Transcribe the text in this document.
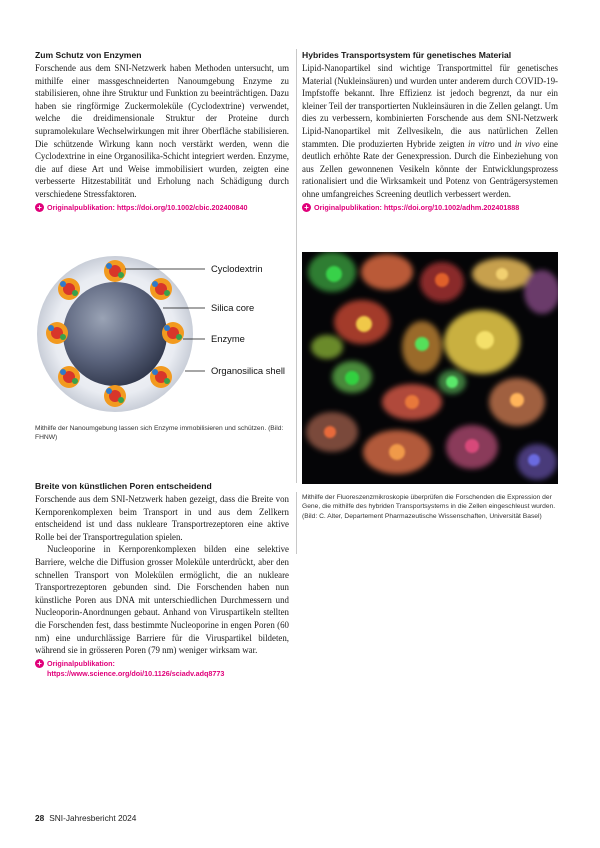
Zum Schutz von Enzymen

Forschende aus dem SNI-Netzwerk haben Methoden untersucht, um mithilfe einer massgeschneiderten Nanoumgebung Enzyme zu stabilisieren, ohne ihre Struktur und Funktion zu beeinträchtigen. Dazu haben sie ringförmige Zuckermoleküle (Cyclodextrine) verwendet, welche die dreidimensionale Struktur der Proteine durch supramolekulare Wechselwirkungen mit ihrer Oberfläche stabilisieren. Die schützende Wirkung kann noch verstärkt werden, wenn die Cyclodextrine in eine Organosilika-Schicht integriert werden. Enzyme, die auf diese Art und Weise immobilisiert wurden, zeigten eine verbesserte Hitzestabilität und Erholung nach Schädigung durch verschiedene Stressfaktoren.

+ Originalpublikation: https://doi.org/10.1002/cbic.202400840
Cyclodextrin
Silica core
Enzyme
Organosilica shell

Mithilfe der Nanoumgebung lassen sich Enzyme immobilisieren und schützen. (Bild: FHNW)

Breite von künstlichen Poren entscheidend

Forschende aus dem SNI-Netzwerk haben gezeigt, dass die Breite von Kernporenkomplexen beim Transport in und aus dem Zellkern entscheidend ist und dass nukleare Transportrezeptoren eine aktive Rolle bei der Transportregulation spielen.

Nucleoporine in Kernporenkomplexen bilden eine selektive Barriere, welche die Diffusion grosser Moleküle unterdrückt, aber den schnellen Transport von Molekülen ermöglicht, die an nukleare Transportrezeptoren gebunden sind. Die Forschenden haben nun künstliche Poren aus DNA mit unterschiedlichen Durchmessern und Nucleoporin-Anordnungen gebaut. Anhand von Viruspartikeln stellten die Forschenden fest, dass bestimmte Nucleoporine in engen Poren (60 nm) eine undurchlässige Barriere für die Viruspartikel bildeten, während sie in grösseren Poren (79 nm) weniger wirksam war.

+ Originalpublikation: https://www.science.org/doi/10.1126/sciadv.adq8773
Hybrides Transportsystem für genetisches Material

Lipid-Nanopartikel sind wichtige Transportmittel für genetisches Material (Nukleinsäuren) und wurden unter anderem durch COVID-19-Impfstoffe bekannt. Ihre Effizienz ist jedoch begrenzt, da nur ein kleiner Teil der transportierten Nukleinsäuren in die Zellen gelangt. Um dies zu verbessern, kombinierten Forschende aus dem SNI-Netzwerk Lipid-Nanopartikel mit Zellvesikeln, die aus natürlichen Zellen stammten. Die produzierten Hybride zeigten in vitro und in vivo eine deutlich erhöhte Rate der Genexpression. Durch die Einbeziehung von aus Zellen gewonnenen Vesikeln könnte der Entwicklungsprozess rationalisiert und die Wirksamkeit und Potenz von Genträgersystemen ohne umfangreiches Screening deutlich verbessert werden.

+ Originalpublikation: https://doi.org/10.1002/adhm.202401888

Mithilfe der Fluoreszenzmikroskopie überprüfen die Forschenden die Expression der Gene, die mithilfe des hybriden Transportsystems in die Zellen eingeschleust wurden. (Bild: C. Alter, Departement Pharmazeutische Wissenschaften, Universität Basel)

28 SNI-Jahresbericht 2024
